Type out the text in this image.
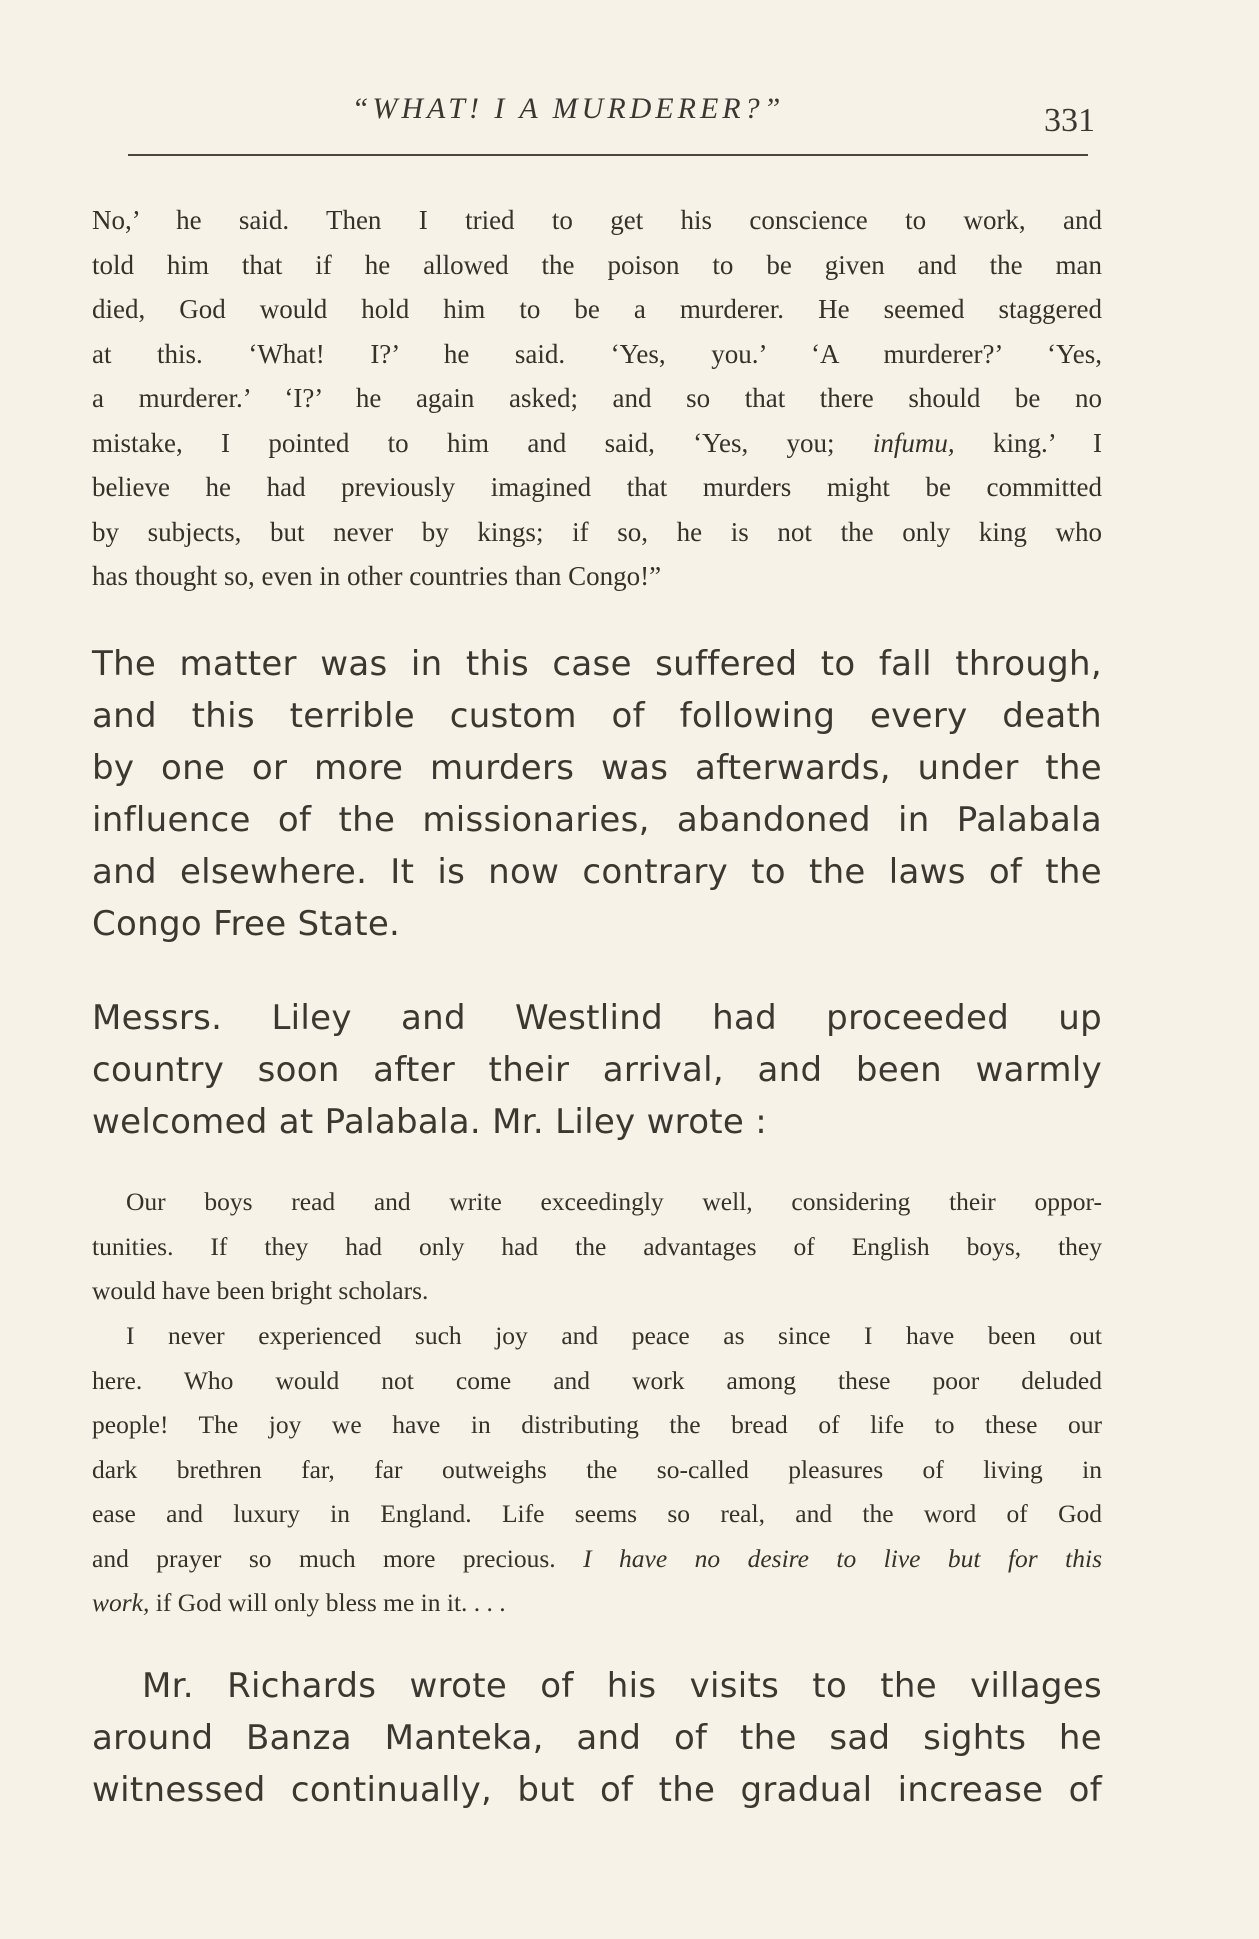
“WHAT! I A MURDERER?”	331
No,’ he said. Then I tried to get his conscience to work, and
told him that if he allowed the poison to be given and the man
died, God would hold him to be a murderer. He seemed staggered
at this. ‘What! I?’ he said. ‘Yes, you.’ ‘A murderer?’ ‘Yes,
a murderer.’ ‘I?’ he again asked; and so that there should be no
mistake, I pointed to him and said, ‘Yes, you; infumu, king.’ I
believe he had previously imagined that murders might be committed
by subjects, but never by kings; if so, he is not the only king who
has thought so, even in other countries than Congo!”
The matter was in this case suffered to fall through,
and this terrible custom of following every death
by one or more murders was afterwards, under the
influence of the missionaries, abandoned in Palabala
and elsewhere. It is now contrary to the laws of the
Congo Free State.
Messrs. Liley and Westlind had proceeded up
country soon after their arrival, and been warmly
welcomed at Palabala. Mr. Liley wrote :
Our boys read and write exceedingly well, considering their oppor-
tunities. If they had only had the advantages of English boys, they
would have been bright scholars.
I never experienced such joy and peace as since I have been out
here. Who would not come and work among these poor deluded
people! The joy we have in distributing the bread of life to these our
dark brethren far, far outweighs the so-called pleasures of living in
ease and luxury in England. Life seems so real, and the word of God
and prayer so much more precious. I have no desire to live but for this
work, if God will only bless me in it. . . .
Mr. Richards wrote of his visits to the villages
around Banza Manteka, and of the sad sights he
witnessed continually, but of the gradual increase of
